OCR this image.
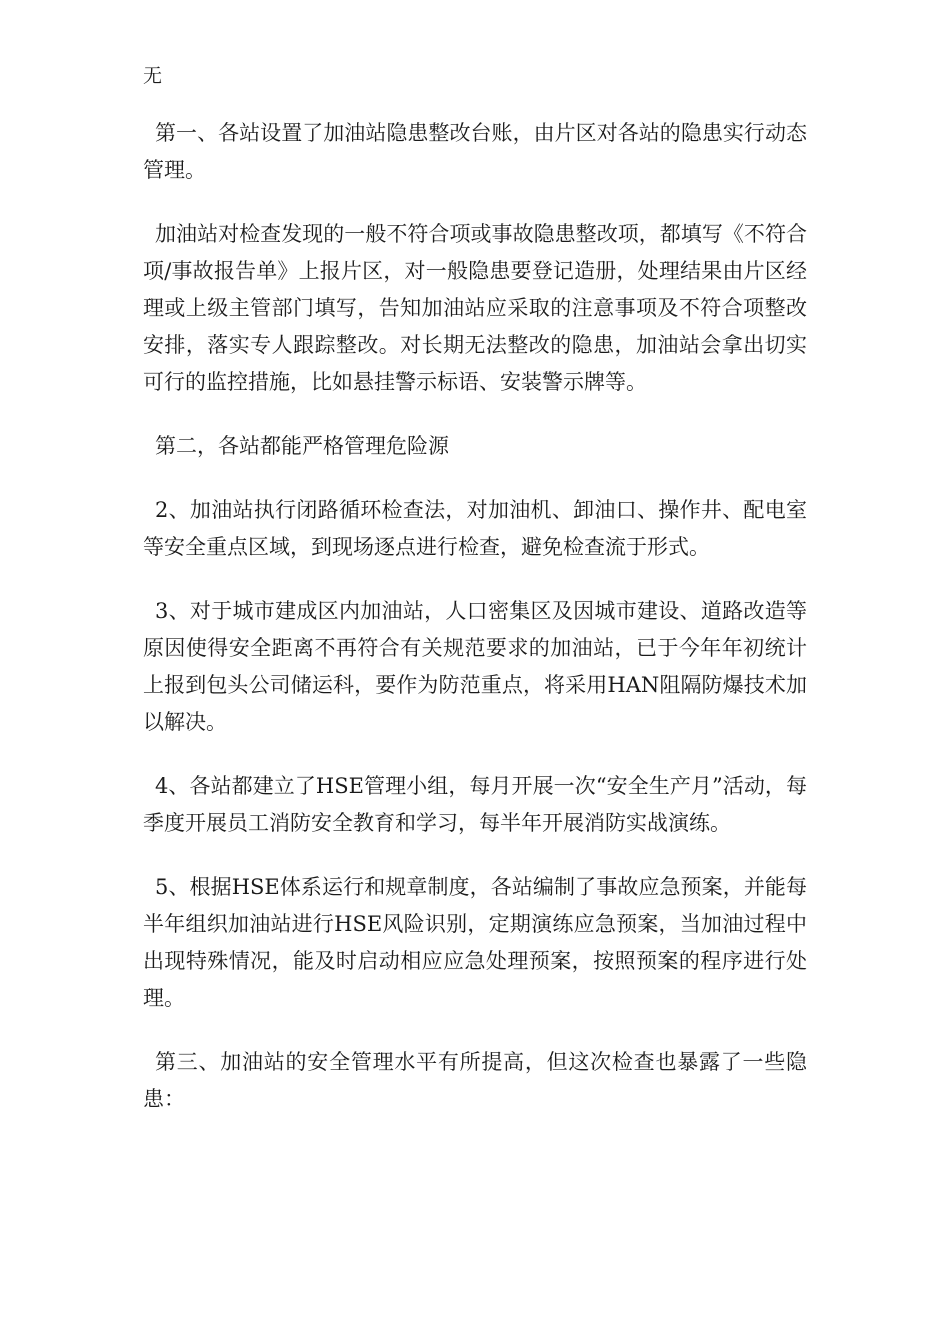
无

第一、各站设置了加油站隐患整改台账，由片区对各站的隐患实行动态管理。

加油站对检查发现的一般不符合项或事故隐患整改项，都填写《不符合项/事故报告单》上报片区，对一般隐患要登记造册，处理结果由片区经理或上级主管部门填写，告知加油站应采取的注意事项及不符合项整改安排，落实专人跟踪整改。对长期无法整改的隐患，加油站会拿出切实可行的监控措施，比如悬挂警示标语、安装警示牌等。

第二，各站都能严格管理危险源

2、加油站执行闭路循环检查法，对加油机、卸油口、操作井、配电室等安全重点区域，到现场逐点进行检查，避免检查流于形式。

3、对于城市建成区内加油站，人口密集区及因城市建设、道路改造等原因使得安全距离不再符合有关规范要求的加油站，已于今年年初统计上报到包头公司储运科，要作为防范重点，将采用HAN阻隔防爆技术加以解决。

4、各站都建立了HSE管理小组，每月开展一次“安全生产月”活动，每季度开展员工消防安全教育和学习，每半年开展消防实战演练。

5、根据HSE体系运行和规章制度，各站编制了事故应急预案，并能每半年组织加油站进行HSE风险识别，定期演练应急预案，当加油过程中出现特殊情况，能及时启动相应应急处理预案，按照预案的程序进行处理。

第三、加油站的安全管理水平有所提高，但这次检查也暴露了一些隐患：
